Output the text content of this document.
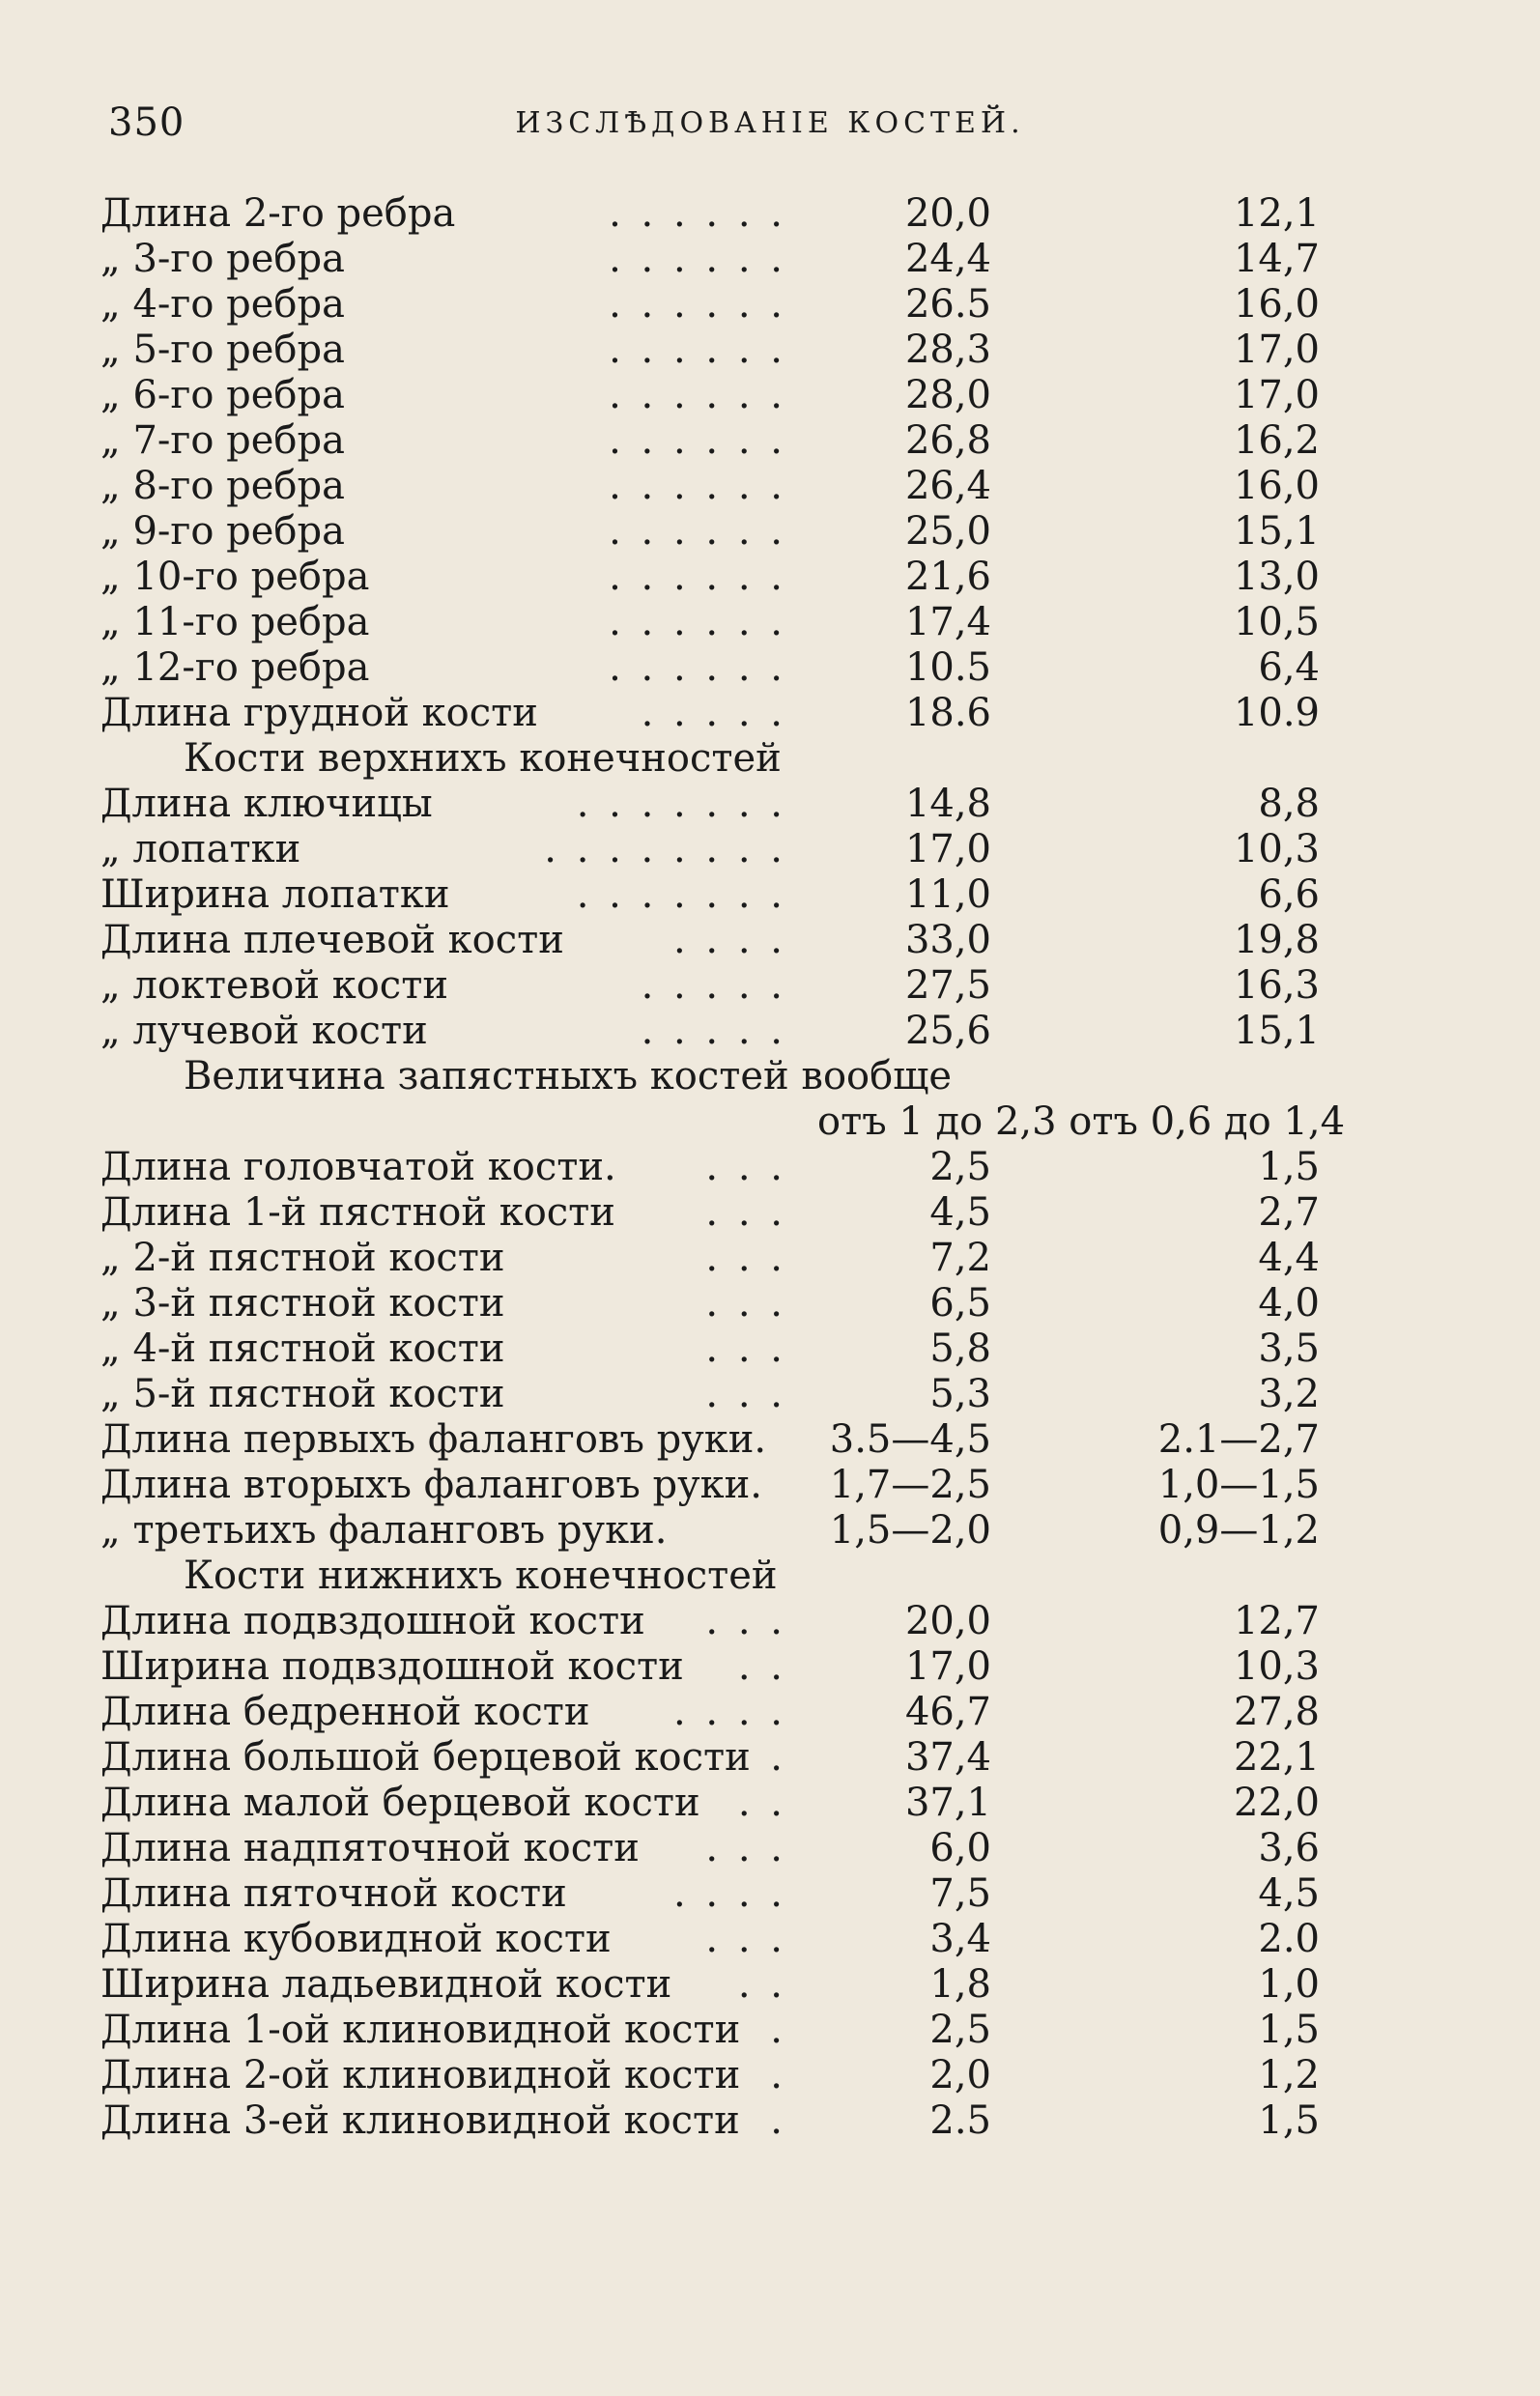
350	ИЗСЛѢДОВАНІЕ КОСТЕЙ.
Длина 2-го ребра	. . . . . .	20,0	12,1
„ 3-го ребра	. . . . . .	24,4	14,7
„ 4-го ребра	. . . . . .	26.5	16,0
„ 5-го ребра	. . . . . .	28,3	17,0
„ 6-го ребра	. . . . . .	28,0	17,0
„ 7-го ребра	. . . . . .	26,8	16,2
„ 8-го ребра	. . . . . .	26,4	16,0
„ 9-го ребра	. . . . . .	25,0	15,1
„ 10-го ребра	. . . . . .	21,6	13,0
„ 11-го ребра	. . . . . .	17,4	10,5
„ 12-го ребра	. . . . . .	10.5	6,4
Длина грудной кости	. . . . .	18.6	10.9
Кости верхнихъ конечностей
Длина ключицы	. . . . . . .	14,8	8,8
„ лопатки	. . . . . . . .	17,0	10,3
Ширина лопатки	. . . . . . .	11,0	6,6
Длина плечевой кости	. . . .	33,0	19,8
„ локтевой кости	. . . . .	27,5	16,3
„ лучевой кости	. . . . .	25,6	15,1
Величина запястныхъ костей вообще
отъ 1 до 2,3 отъ 0,6 до 1,4
Длина головчатой кости. . . .	2,5	1,5
Длина 1-й пястной кости . . .	4,5	2,7
„ 2-й пястной кости	. . .	7,2	4,4
„ 3-й пястной кости	. . .	6,5	4,0
„ 4-й пястной кости	. . .	5,8	3,5
„ 5-й пястной кости	. . .	5,3	3,2
Длина первыхъ фаланговъ руки. 3.5—4,5	2.1—2,7
Длина вторыхъ фаланговъ руки. 1,7—2,5	1,0—1,5
„ третьихъ фаланговъ руки.	1,5—2,0	0,9—1,2
Кости нижнихъ конечностей
Длина подвздошной кости . . .	20,0	12,7
Ширина подвздошной кости . .	17,0	10,3
Длина бедренной кости . . . .	46,7	27,8
Длина большой берцевой кости .	37,4	22,1
Длина малой берцевой кости . .	37,1	22,0
Длина надпяточной кости . . .	6,0	3,6
Длина пяточной кости	. . . .	7,5	4,5
Длина кубовидной кости . . .	3,4	2.0
Ширина ладьевидной кости . .	1,8	1,0
Длина 1-ой клиновидной кости .	2,5	1,5
Длина 2-ой клиновидной кости .	2,0	1,2
Длина 3-ей клиновидной кости .	2.5	1,5
